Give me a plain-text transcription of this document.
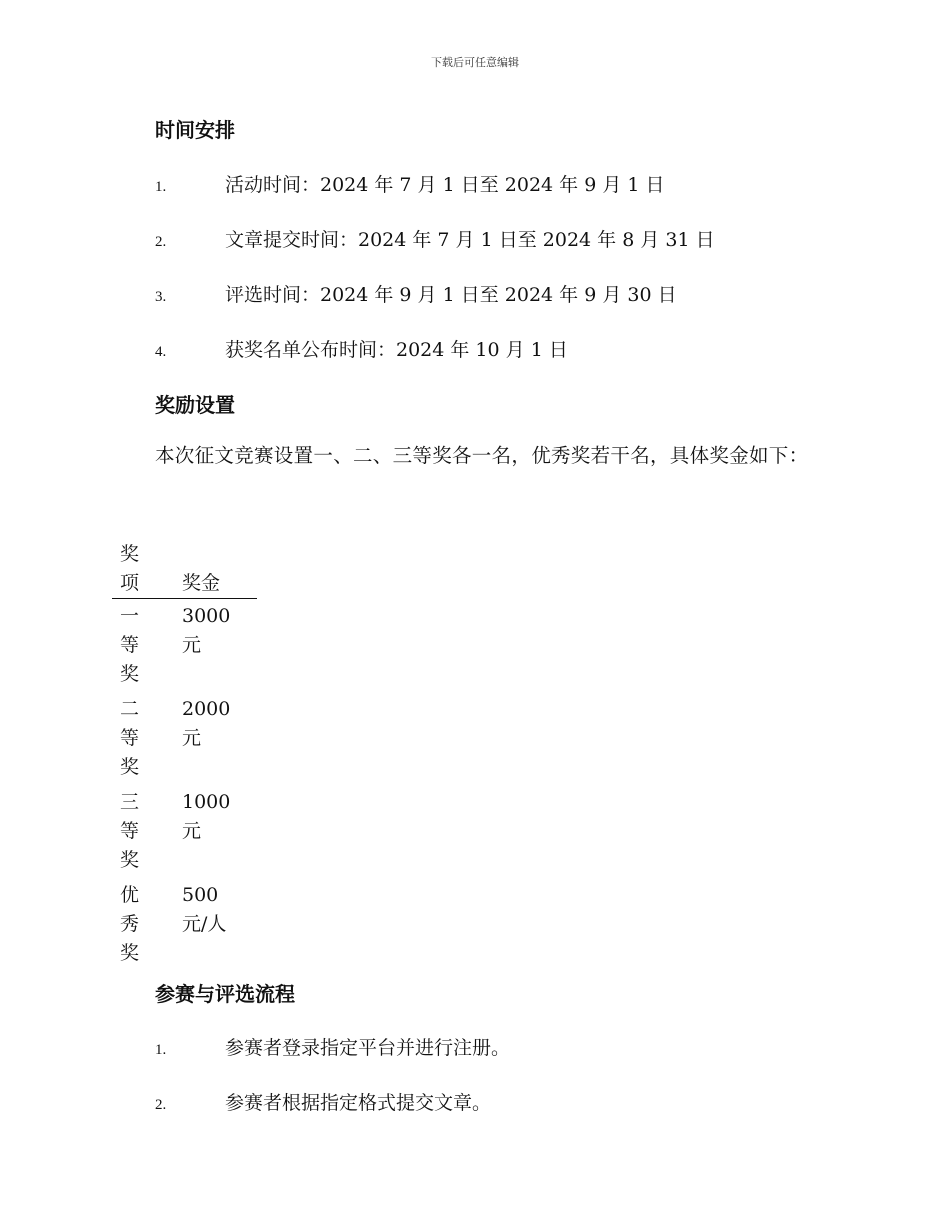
下载后可任意编辑
时间安排
1.	活动时间：2024 年 7 月 1 日至 2024 年 9 月 1 日
2.	文章提交时间：2024 年 7 月 1 日至 2024 年 8 月 31 日
3.	评选时间：2024 年 9 月 1 日至 2024 年 9 月 30 日
4.	获奖名单公布时间：2024 年 10 月 1 日
奖励设置
本次征文竞赛设置一、二、三等奖各一名，优秀奖若干名，具体奖金如下：
奖项	奖金

一等奖	3000 元

二等奖	2000 元

三等奖	1000 元

优秀奖	500 元/人
参赛与评选流程
1.	参赛者登录指定平台并进行注册。
2.	参赛者根据指定格式提交文章。
